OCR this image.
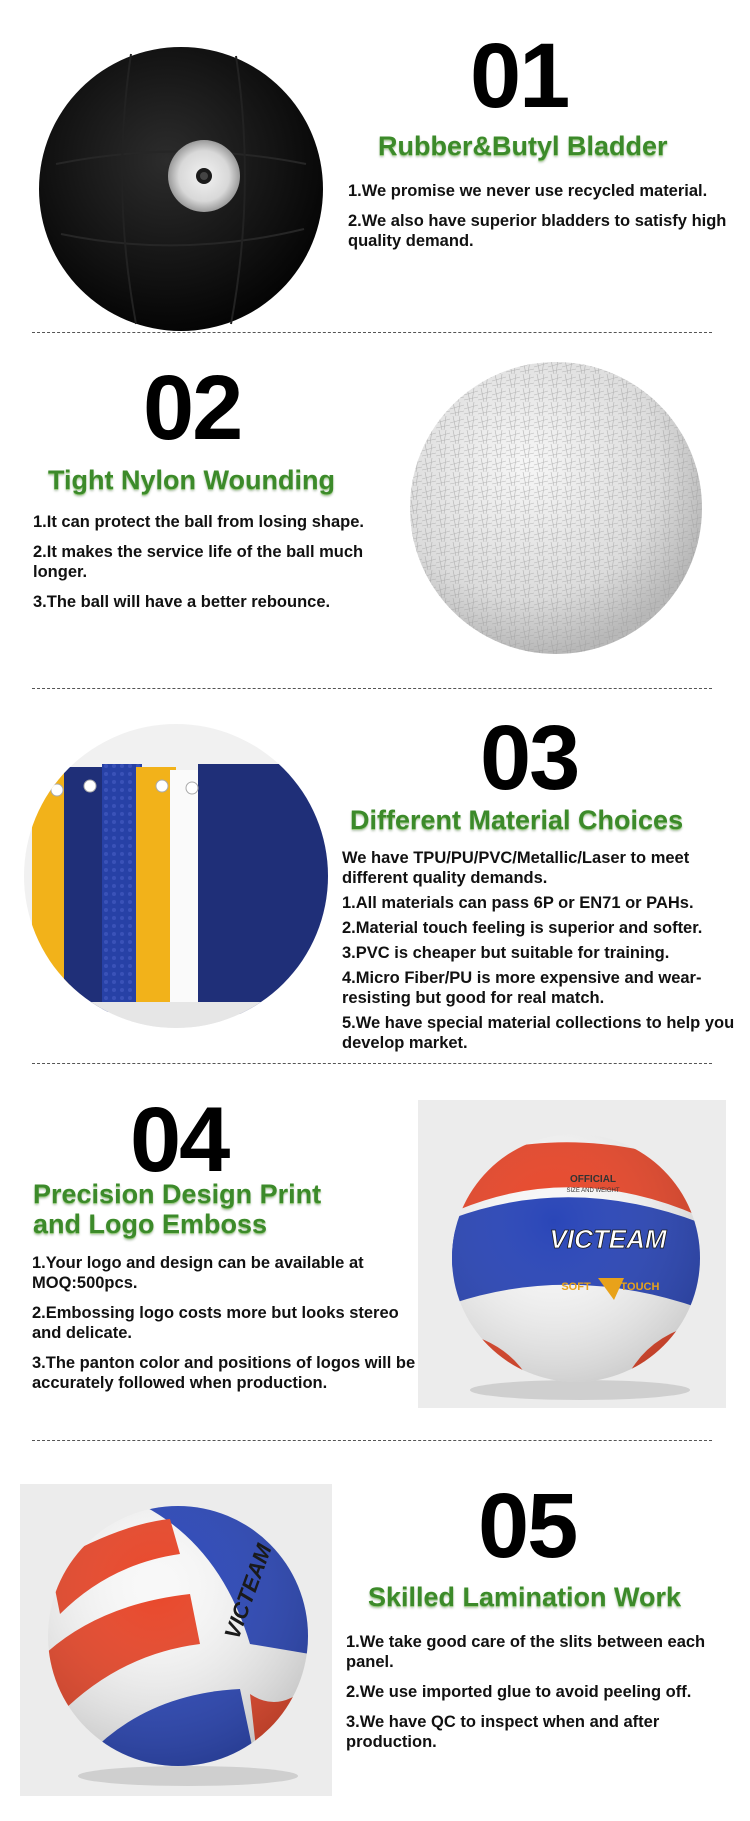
01
Rubber&Butyl Bladder

1.We promise we never use recycled material.

2.We also have superior bladders to satisfy high quality demand.

02
Tight Nylon Wounding

1.It can protect the ball from losing shape.

2.It makes the service life of the ball much longer.

3.The ball will have a better rebounce.

03
Different Material Choices

We have TPU/PU/PVC/Metallic/Laser to meet different quality demands.

1.All materials can pass 6P or EN71 or PAHs.

2.Material touch feeling is superior and softer.

3.PVC is cheaper but suitable for training.

4.Micro Fiber/PU is more expensive and wear-resisting but good for real match.

5.We have special material collections to help you develop market.

04
Precision Design Print
and Logo Emboss

1.Your logo and design can be available at MOQ:500pcs.

2.Embossing logo costs more but looks stereo and delicate.

3.The panton color and positions of logos will be accurately followed when production.

OFFICIAL
SIZE AND WEIGHT
VICTEAM
SOFT	TOUCH
VICTEAM
05
Skilled Lamination Work

1.We take good care of the slits between each panel.

2.We use imported glue to avoid peeling off.

3.We have QC to inspect when and after production.
